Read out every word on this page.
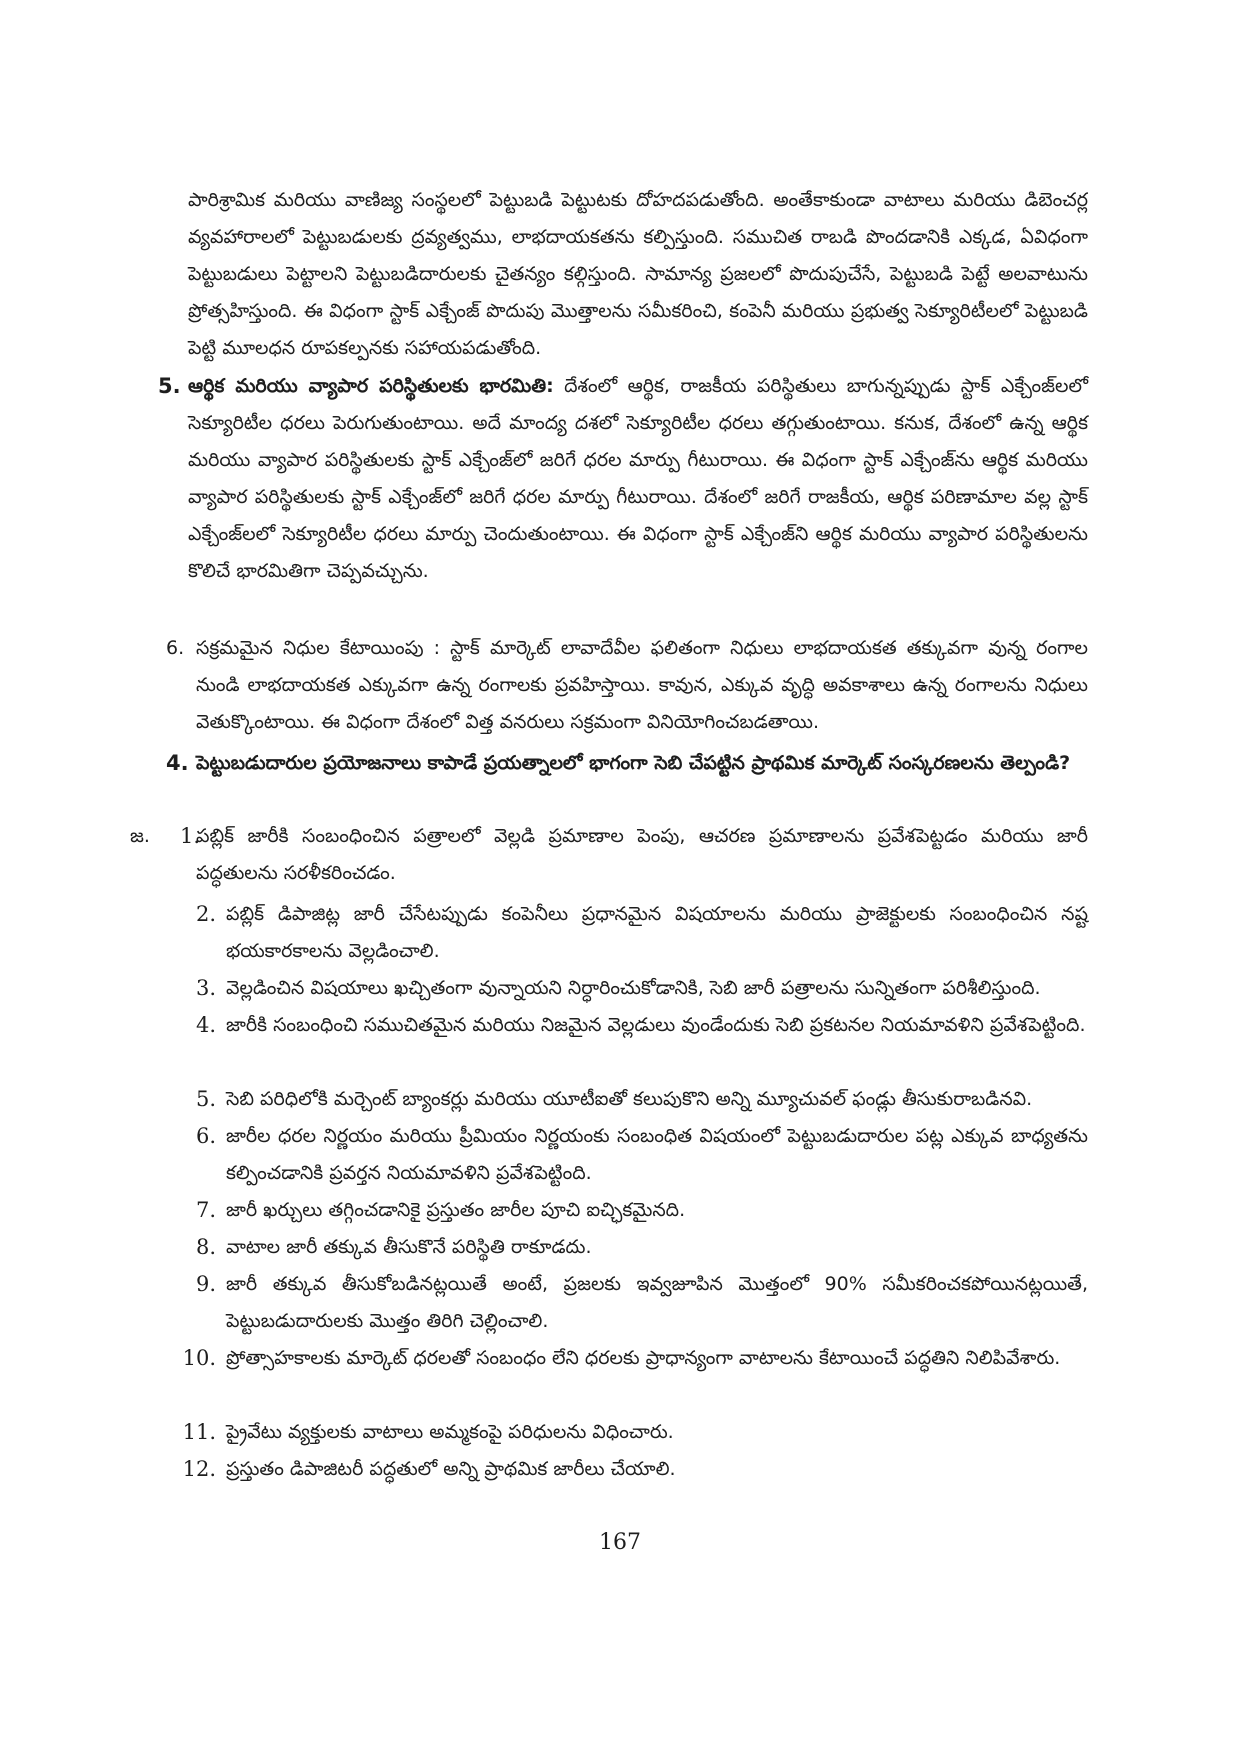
పారిశ్రామిక మరియు వాణిజ్య సంస్థలలో పెట్టుబడి పెట్టుటకు దోహదపడుతోంది. అంతేకాకుండా వాటాలు మరియు డిబెంచర్ల వ్యవహారాలలో పెట్టుబడులకు ద్రవ్యత్వము, లాభదాయకతను కల్పిస్తుంది. సముచిత రాబడి పొందడానికి ఎక్కడ, ఏవిధంగా పెట్టుబడులు పెట్టాలని పెట్టుబడిదారులకు చైతన్యం కల్గిస్తుంది. సామాన్య ప్రజలలో పొదుపుచేసే, పెట్టుబడి పెట్టే అలవాటును ప్రోత్సహిస్తుంది. ఈ విధంగా స్టాక్ ఎక్చేంజ్ పొదుపు మొత్తాలను సమీకరించి, కంపెనీ మరియు ప్రభుత్వ సెక్యూరిటీలలో పెట్టుబడి పెట్టి మూలధన రూపకల్పనకు సహాయపడుతోంది.

5. ఆర్థిక మరియు వ్యాపార పరిస్థితులకు భారమితి: దేశంలో ఆర్థిక, రాజకీయ పరిస్థితులు బాగున్నప్పుడు స్టాక్ ఎక్చేంజ్‌లలో సెక్యూరిటీల ధరలు పెరుగుతుంటాయి. అదే మాంద్య దశలో సెక్యూరిటీల ధరలు తగ్గుతుంటాయి. కనుక, దేశంలో ఉన్న ఆర్థిక మరియు వ్యాపార పరిస్థితులకు స్టాక్ ఎక్చేంజ్‌లో జరిగే ధరల మార్పు గీటురాయి. ఈ విధంగా స్టాక్ ఎక్చేంజ్‌ను ఆర్థిక మరియు వ్యాపార పరిస్థితులకు స్టాక్ ఎక్చేంజ్‌లో జరిగే ధరల మార్పు గీటురాయి. దేశంలో జరిగే రాజకీయ, ఆర్థిక పరిణామాల వల్ల స్టాక్ ఎక్చేంజ్‌లలో సెక్యూరిటీల ధరలు మార్పు చెందుతుంటాయి. ఈ విధంగా స్టాక్ ఎక్చేంజ్‌ని ఆర్థిక మరియు వ్యాపార పరిస్థితులను కొలిచే భారమితిగా చెప్పవచ్చును.

6. సక్రమమైన నిధుల కేటాయింపు : స్టాక్ మార్కెట్ లావాదేవీల ఫలితంగా నిధులు లాభదాయకత తక్కువగా వున్న రంగాల నుండి లాభదాయకత ఎక్కువగా ఉన్న రంగాలకు ప్రవహిస్తాయి. కావున, ఎక్కువ వృద్ధి అవకాశాలు ఉన్న రంగాలను నిధులు వెతుక్కొంటాయి. ఈ విధంగా దేశంలో విత్త వనరులు సక్రమంగా వినియోగించబడతాయి.

4. పెట్టుబడుదారుల ప్రయోజనాలు కాపాడే ప్రయత్నాలలో భాగంగా సెబి చేపట్టిన ప్రాథమిక మార్కెట్ సంస్కరణలను తెల్పండి?

జ.	1.

పబ్లిక్ జారీకి సంబంధించిన పత్రాలలో వెల్లడి ప్రమాణాల పెంపు, ఆచరణ ప్రమాణాలను ప్రవేశపెట్టడం మరియు జారీ పద్ధతులను సరళీకరించడం.

2. పబ్లిక్ డిపాజిట్ల జారీ చేసేటప్పుడు కంపెనీలు ప్రధానమైన విషయాలను మరియు ప్రాజెక్టులకు సంబంధించిన నష్ట భయకారకాలను వెల్లడించాలి.

3. వెల్లడించిన విషయాలు ఖచ్చితంగా వున్నాయని నిర్ధారించుకోడానికి, సెబి జారీ పత్రాలను సున్నితంగా పరిశీలిస్తుంది.

4. జారీకి సంబంధించి సముచితమైన మరియు నిజమైన వెల్లడులు వుండేందుకు సెబి ప్రకటనల నియమావళిని ప్రవేశపెట్టింది.

5. సెబి పరిధిలోకి మర్చెంట్ బ్యాంకర్లు మరియు యూటీఐతో కలుపుకొని అన్ని మ్యూచువల్ ఫండ్లు తీసుకురాబడినవి.

6. జారీల ధరల నిర్ణయం మరియు ప్రీమియం నిర్ణయంకు సంబంధిత విషయంలో పెట్టుబడుదారుల పట్ల ఎక్కువ బాధ్యతను కల్పించడానికి ప్రవర్తన నియమావళిని ప్రవేశపెట్టింది.

7. జారీ ఖర్చులు తగ్గించడానికై ప్రస్తుతం జారీల పూచి ఐచ్ఛికమైనది.

8. వాటాల జారీ తక్కువ తీసుకొనే పరిస్థితి రాకూడదు.

9. జారీ తక్కువ తీసుకోబడినట్లయితే అంటే, ప్రజలకు ఇవ్వజూపిన మొత్తంలో 90% సమీకరించకపోయినట్లయితే, పెట్టుబడుదారులకు మొత్తం తిరిగి చెల్లించాలి.

10. ప్రోత్సాహకాలకు మార్కెట్ ధరలతో సంబంధం లేని ధరలకు ప్రాధాన్యంగా వాటాలను కేటాయించే పద్ధతిని నిలిపివేశారు.

11. ప్రైవేటు వ్యక్తులకు వాటాలు అమ్మకంపై పరిధులను విధించారు.

12. ప్రస్తుతం డిపాజిటరీ పద్ధతులో అన్ని ప్రాథమిక జారీలు చేయాలి.

167
